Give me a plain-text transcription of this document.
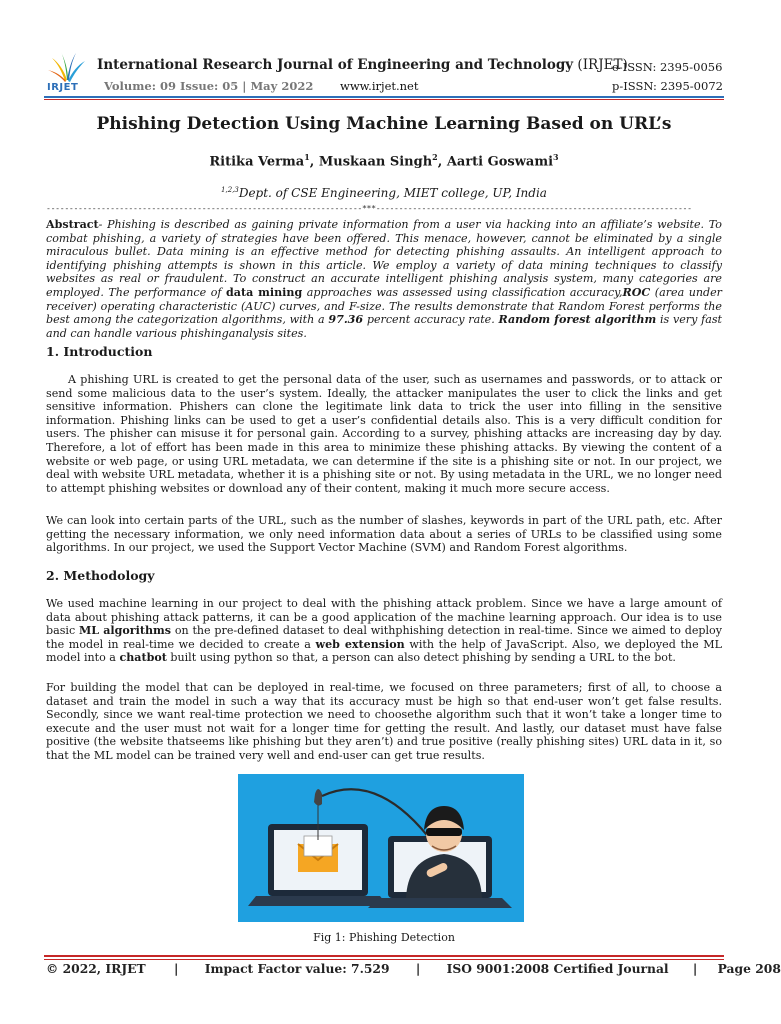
IRJET
International Research Journal of Engineering and Technology (IRJET)
Volume: 09 Issue: 05 | May 2022 www.irjet.net
e-ISSN: 2395-0056
p-ISSN: 2395-0072
Phishing Detection Using Machine Learning Based on URL’s
Ritika Verma$^1$, Muskaan Singh$^2$, Aarti Goswami$^3$
$^{1,2,3}$Dept. of CSE Engineering, MIET college, UP, India
---------------------------------------------------------------------***---------------------------------------------------------------------
Abstract- Phishing is described as gaining private information from a user via hacking into an affiliate’s website. To combat phishing, a variety of strategies have been offered. This menace, however, cannot be eliminated by a single miraculous bullet. Data mining is an effective method for detecting phishing assaults. An intelligent approach to identifying phishing attempts is shown in this article. We employ a variety of data mining techniques to classify websites as real or fraudulent. To construct an accurate intelligent phishing analysis system, many categories are employed. The performance of data mining approaches was assessed using classification accuracy,ROC (area under receiver) operating characteristic (AUC) curves, and F-size. The results demonstrate that Random Forest performs the best among the categorization algorithms, with a 97.36 percent accuracy rate. Random forest algorithm is very fast and can handle various phishinganalysis sites.
1. Introduction
A phishing URL is created to get the personal data of the user, such as usernames and passwords, or to attack or send some malicious data to the user’s system. Ideally, the attacker manipulates the user to click the links and get sensitive information. Phishers can clone the legitimate link data to trick the user into filling in the sensitive information. Phishing links can be used to get a user’s confidential details also. This is a very difficult condition for users. The phisher can misuse it for personal gain. According to a survey, phishing attacks are increasing day by day. Therefore, a lot of effort has been made in this area to minimize these phishing attacks. By viewing the content of a website or web page, or using URL metadata, we can determine if the site is a phishing site or not. In our project, we deal with website URL metadata, whether it is a phishing site or not. By using metadata in the URL, we no longer need to attempt phishing websites or download any of their content, making it much more secure access.
We can look into certain parts of the URL, such as the number of slashes, keywords in part of the URL path, etc. After getting the necessary information, we only need information data about a series of URLs to be classified using some algorithms. In our project, we used the Support Vector Machine (SVM) and Random Forest algorithms.
2. Methodology
We used machine learning in our project to deal with the phishing attack problem. Since we have a large amount of data about phishing attack patterns, it can be a good application of the machine learning approach. Our idea is to use basic ML algorithms on the pre-defined dataset to deal withphishing detection in real-time. Since we aimed to deploy the model in real-time we decided to create a web extension with the help of JavaScript. Also, we deployed the ML model into a chatbot built using python so that, a person can also detect phishing by sending a URL to the bot.
For building the model that can be deployed in real-time, we focused on three parameters; first of all, to choose a dataset and train the model in such a way that its accuracy must be high so that end-user won’t get false results. Secondly, since we want real-time protection we need to choosethe algorithm such that it won’t take a longer time to execute and the user must not wait for a longer time for getting the result. And lastly, our dataset must have false positive (the website thatseems like phishing but they aren’t) and true positive (really phishing sites) URL data in it, so that the ML model can be trained very well and end-user can get true results.
Fig 1: Phishing Detection
© 2022, IRJET | Impact Factor value: 7.529 | ISO 9001:2008 Certified Journal | Page 208
